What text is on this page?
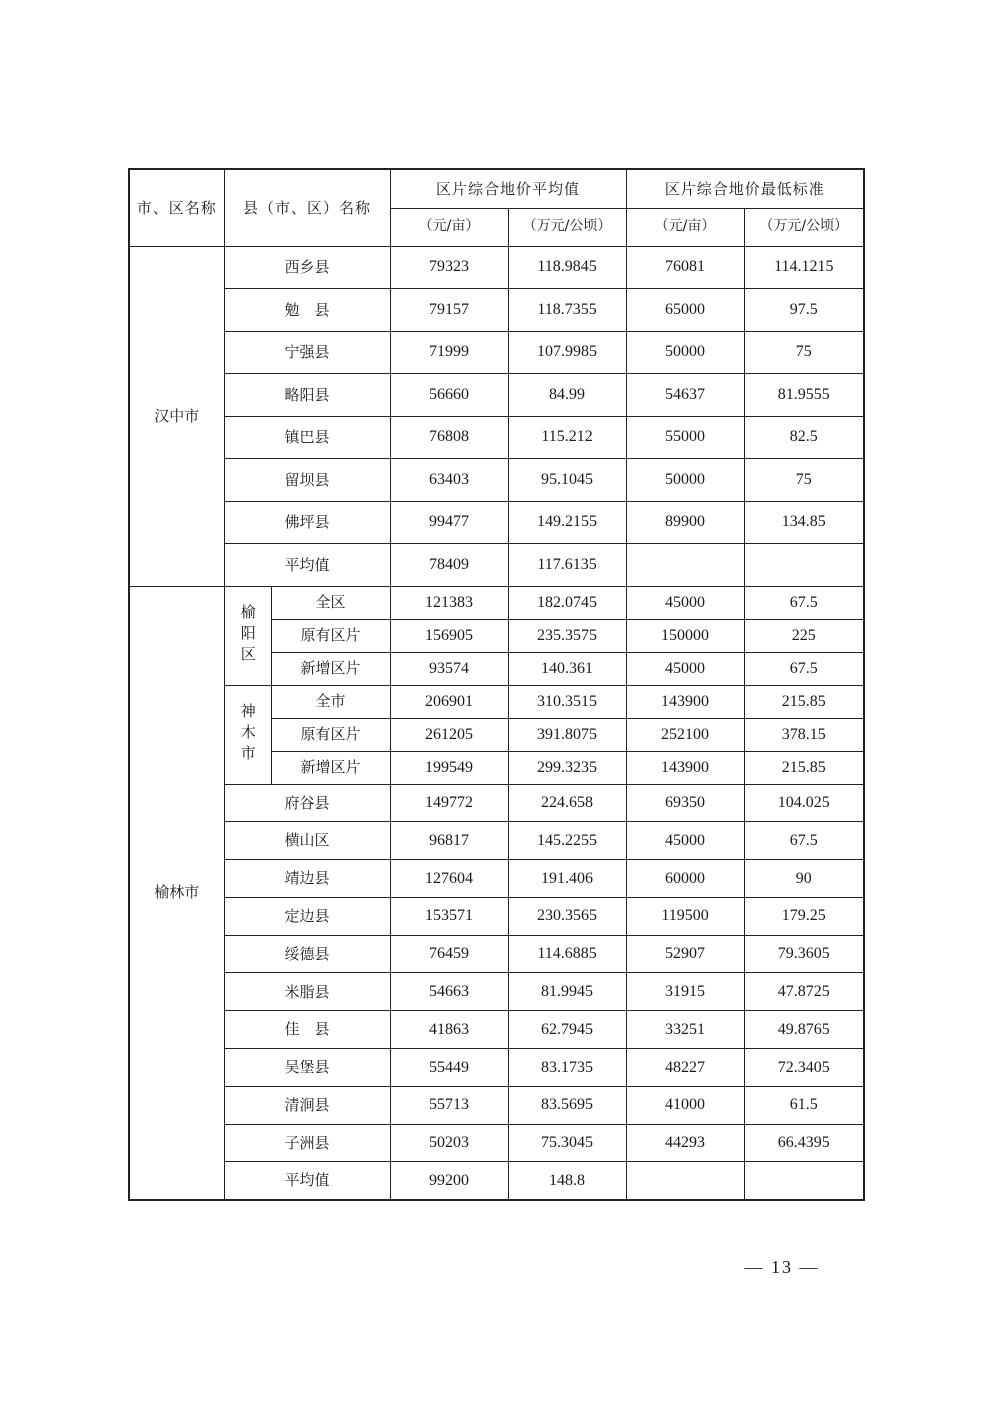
市、区名称	县（市、区）名称		区片综合地价平均值		区片综合地价最低标准	
			（元/亩）	（万元/公顷）	（元/亩）	（万元/公顷）
汉中市	西乡县		79323	118.9845	76081	114.1215
	勉　县		79157	118.7355	65000	97.5
	宁强县		71999	107.9985	50000	75
	略阳县		56660	84.99	54637	81.9555
	镇巴县		76808	115.212	55000	82.5
	留坝县		63403	95.1045	50000	75
	佛坪县		99477	149.2155	89900	134.85
	平均值		78409	117.6135		
榆林市	榆阳区	全区	121383	182.0745	45000	67.5
		原有区片	156905	235.3575	150000	225
		新增区片	93574	140.361	45000	67.5
	神木市	全市	206901	310.3515	143900	215.85
		原有区片	261205	391.8075	252100	378.15
		新增区片	199549	299.3235	143900	215.85
	府谷县		149772	224.658	69350	104.025
	横山区		96817	145.2255	45000	67.5
	靖边县		127604	191.406	60000	90
	定边县		153571	230.3565	119500	179.25
	绥德县		76459	114.6885	52907	79.3605
	米脂县		54663	81.9945	31915	47.8725
	佳　县		41863	62.7945	33251	49.8765
	吴堡县		55449	83.1735	48227	72.3405
	清涧县		55713	83.5695	41000	61.5
	子洲县		50203	75.3045	44293	66.4395
	平均值		99200	148.8		
— 13 —
